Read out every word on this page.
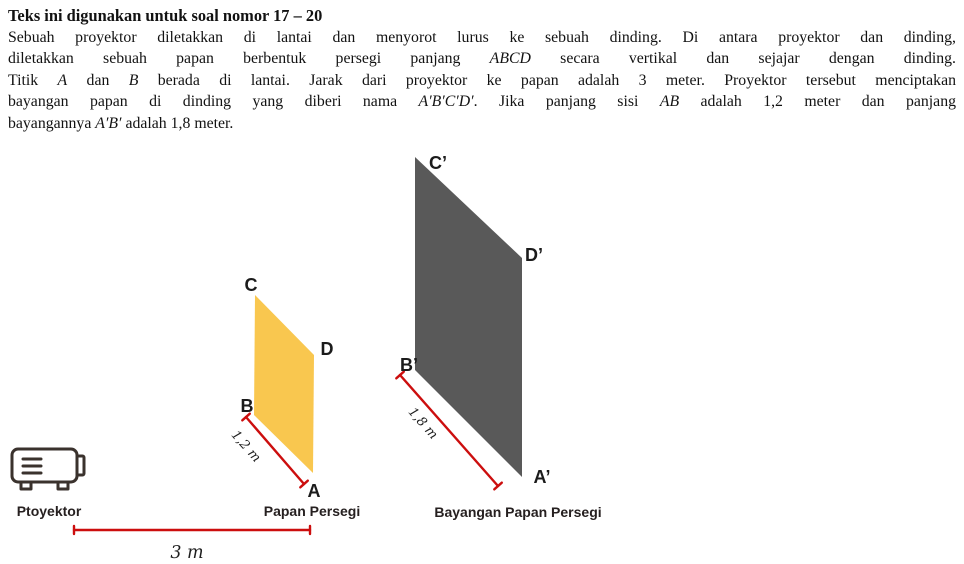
Teks ini digunakan untuk soal nomor 17 – 20
Sebuah proyektor diletakkan di lantai dan menyorot lurus ke sebuah dinding. Di antara proyektor dan dinding,
diletakkan sebuah papan berbentuk persegi panjang ABCD secara vertikal dan sejajar dengan dinding.
Titik A dan B berada di lantai. Jarak dari proyektor ke papan adalah 3 meter. Proyektor tersebut menciptakan
bayangan papan di dinding yang diberi nama A′B′C′D′. Jika panjang sisi AB adalah 1,2 meter dan panjang
bayangannya A′B′ adalah 1,8 meter.
C
D
B
A
C’
D’
B’
A’
1,2 m
1,8 m
3 m
Ptoyektor	Papan Persegi	Bayangan Papan Persegi
